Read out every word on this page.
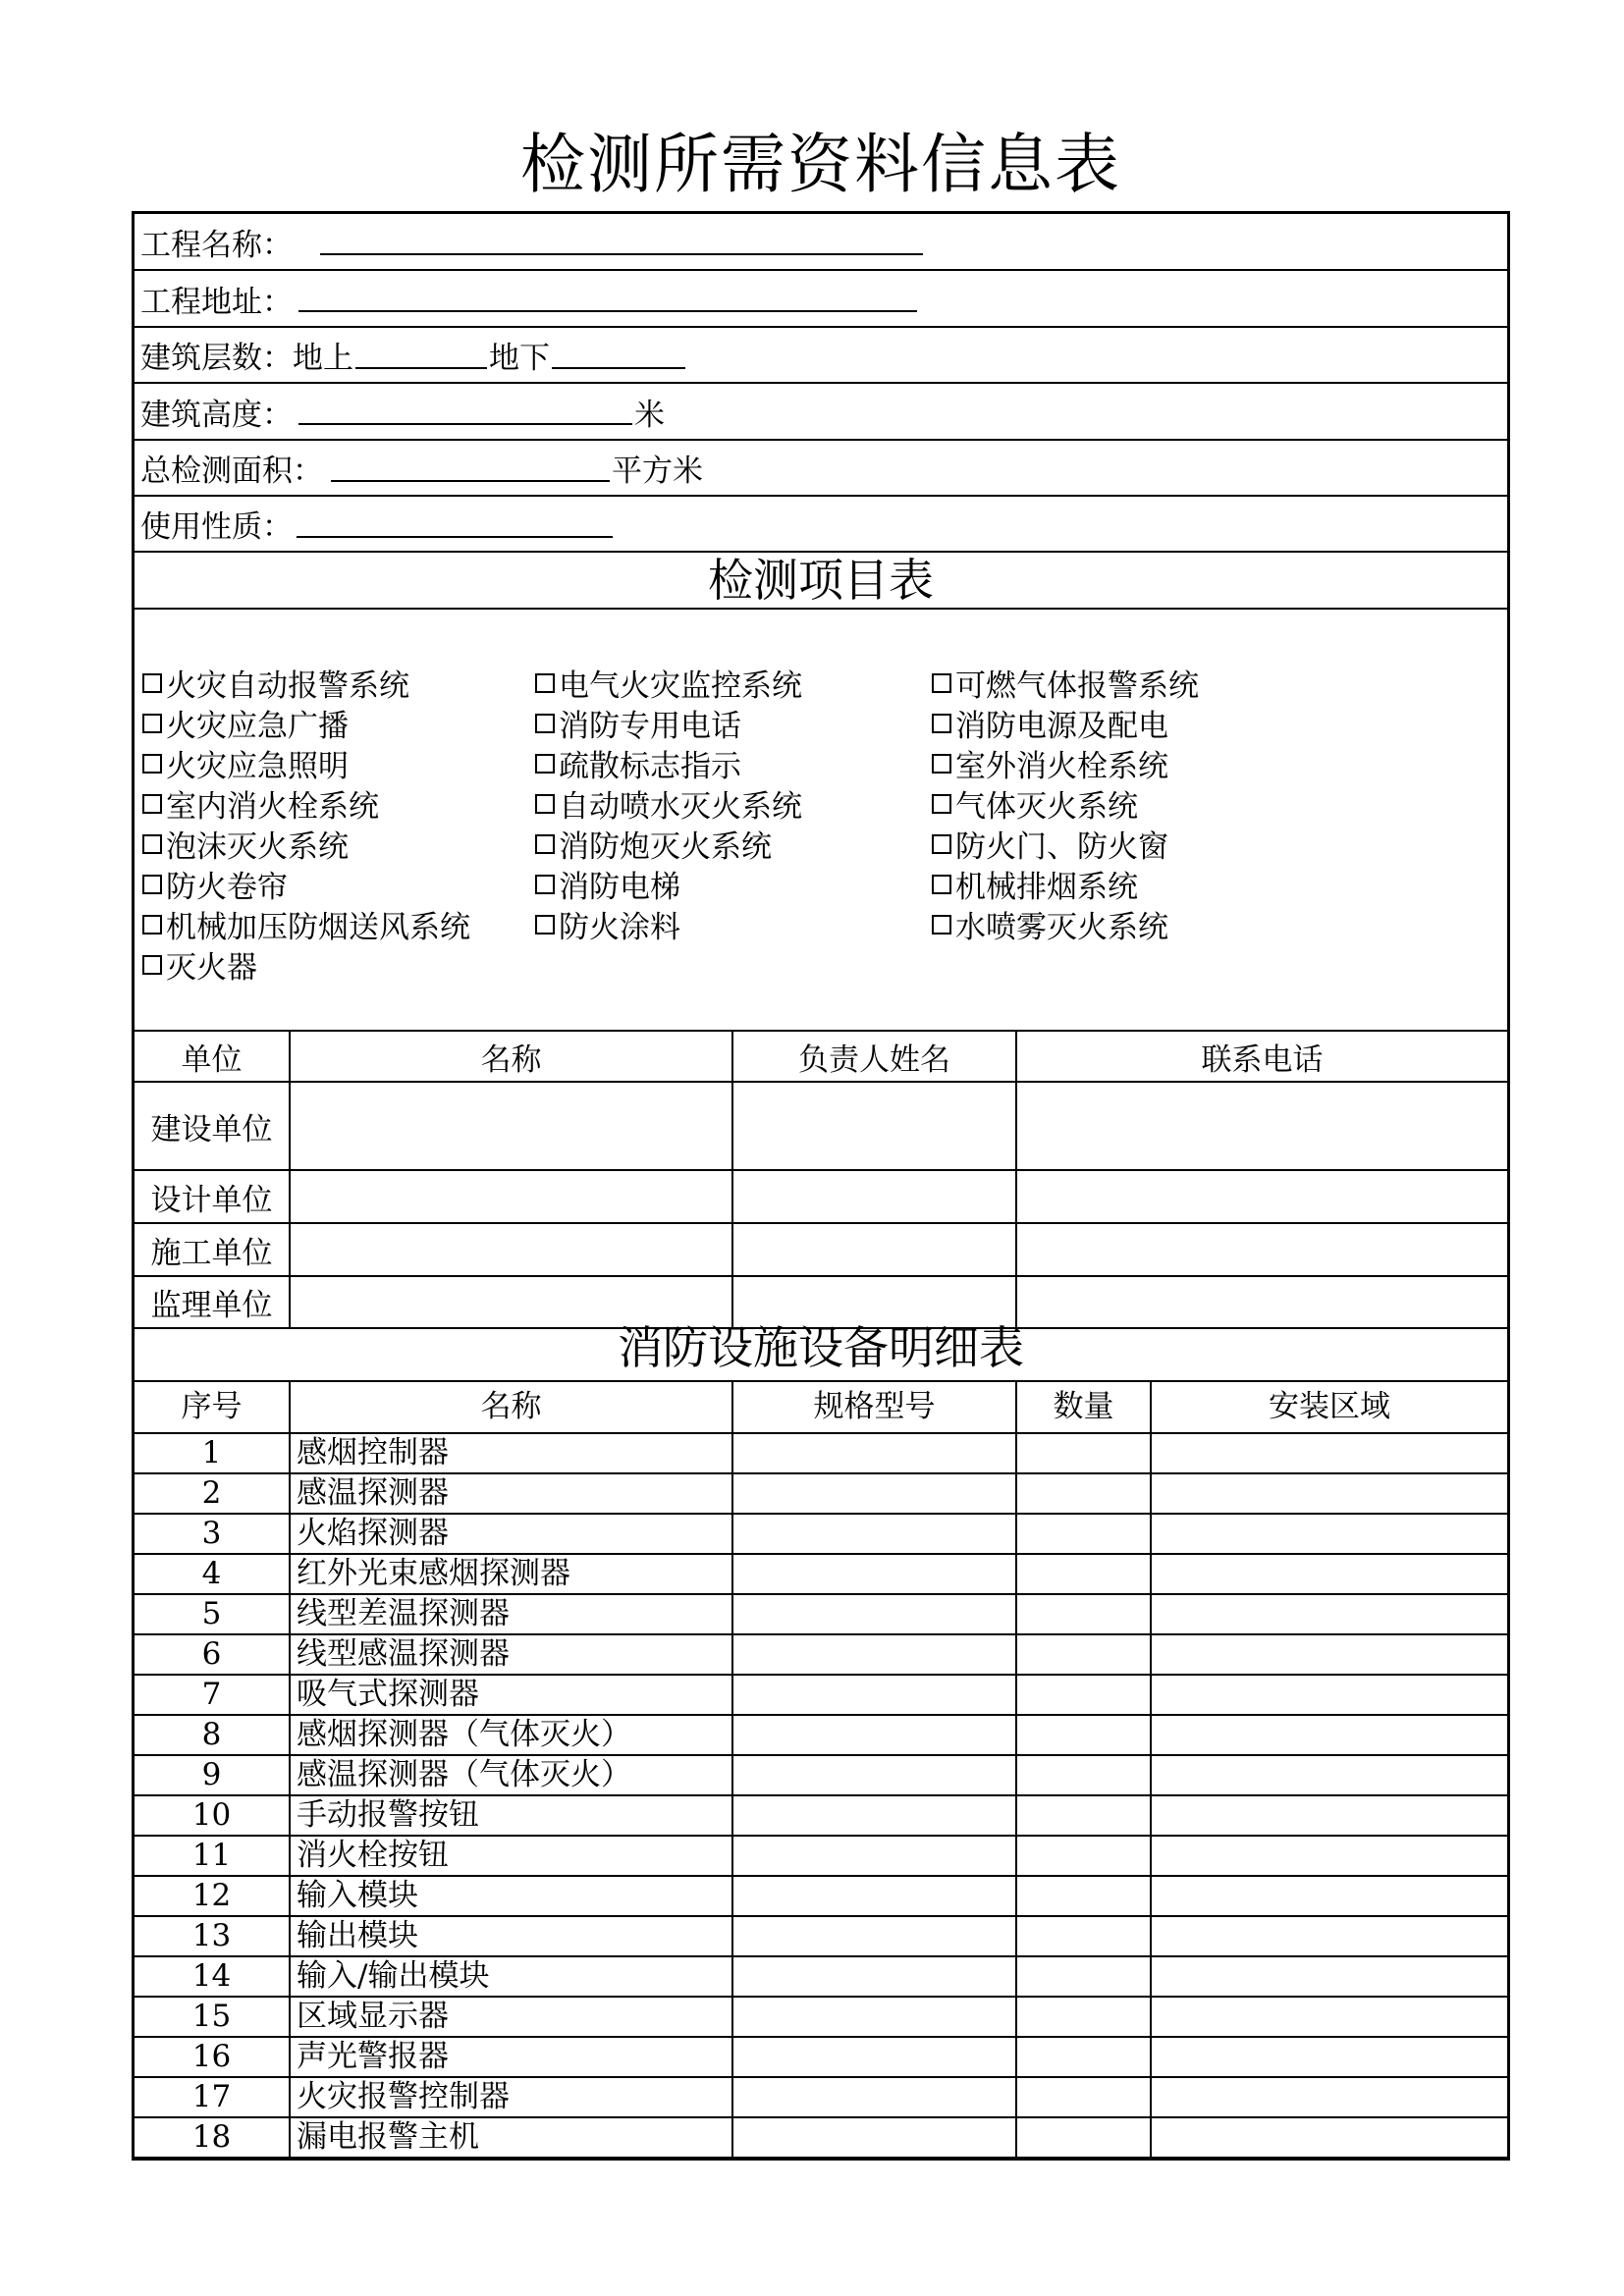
检测所需资料信息表
工程名称：
工程地址：
建筑层数： 地上	地下
建筑高度：	米
总检测面积：	平方米
使用性质：
检测项目表
火灾自动报警系统	电气火灾监控系统	可燃气体报警系统
火灾应急广播	消防专用电话	消防电源及配电
火灾应急照明	疏散标志指示	室外消火栓系统
室内消火栓系统	自动喷水灭火系统	气体灭火系统
泡沫灭火系统	消防炮灭火系统	防火门、防火窗
防火卷帘	消防电梯	机械排烟系统
机械加压防烟送风系统	防火涂料	水喷雾灭火系统
灭火器
单位	名称	负责人姓名	联系电话
建设单位			
设计单位			
施工单位			
监理单位			
消防设施设备明细表
序号	名称	规格型号	数量	安装区域
1	感烟控制器			
2	感温探测器			
3	火焰探测器			
4	红外光束感烟探测器			
5	线型差温探测器			
6	线型感温探测器			
7	吸气式探测器			
8	感烟探测器（气体灭火）			
9	感温探测器（气体灭火）			
10	手动报警按钮			
11	消火栓按钮			
12	输入模块			
13	输出模块			
14	输入/输出模块			
15	区域显示器			
16	声光警报器			
17	火灾报警控制器			
18	漏电报警主机			
